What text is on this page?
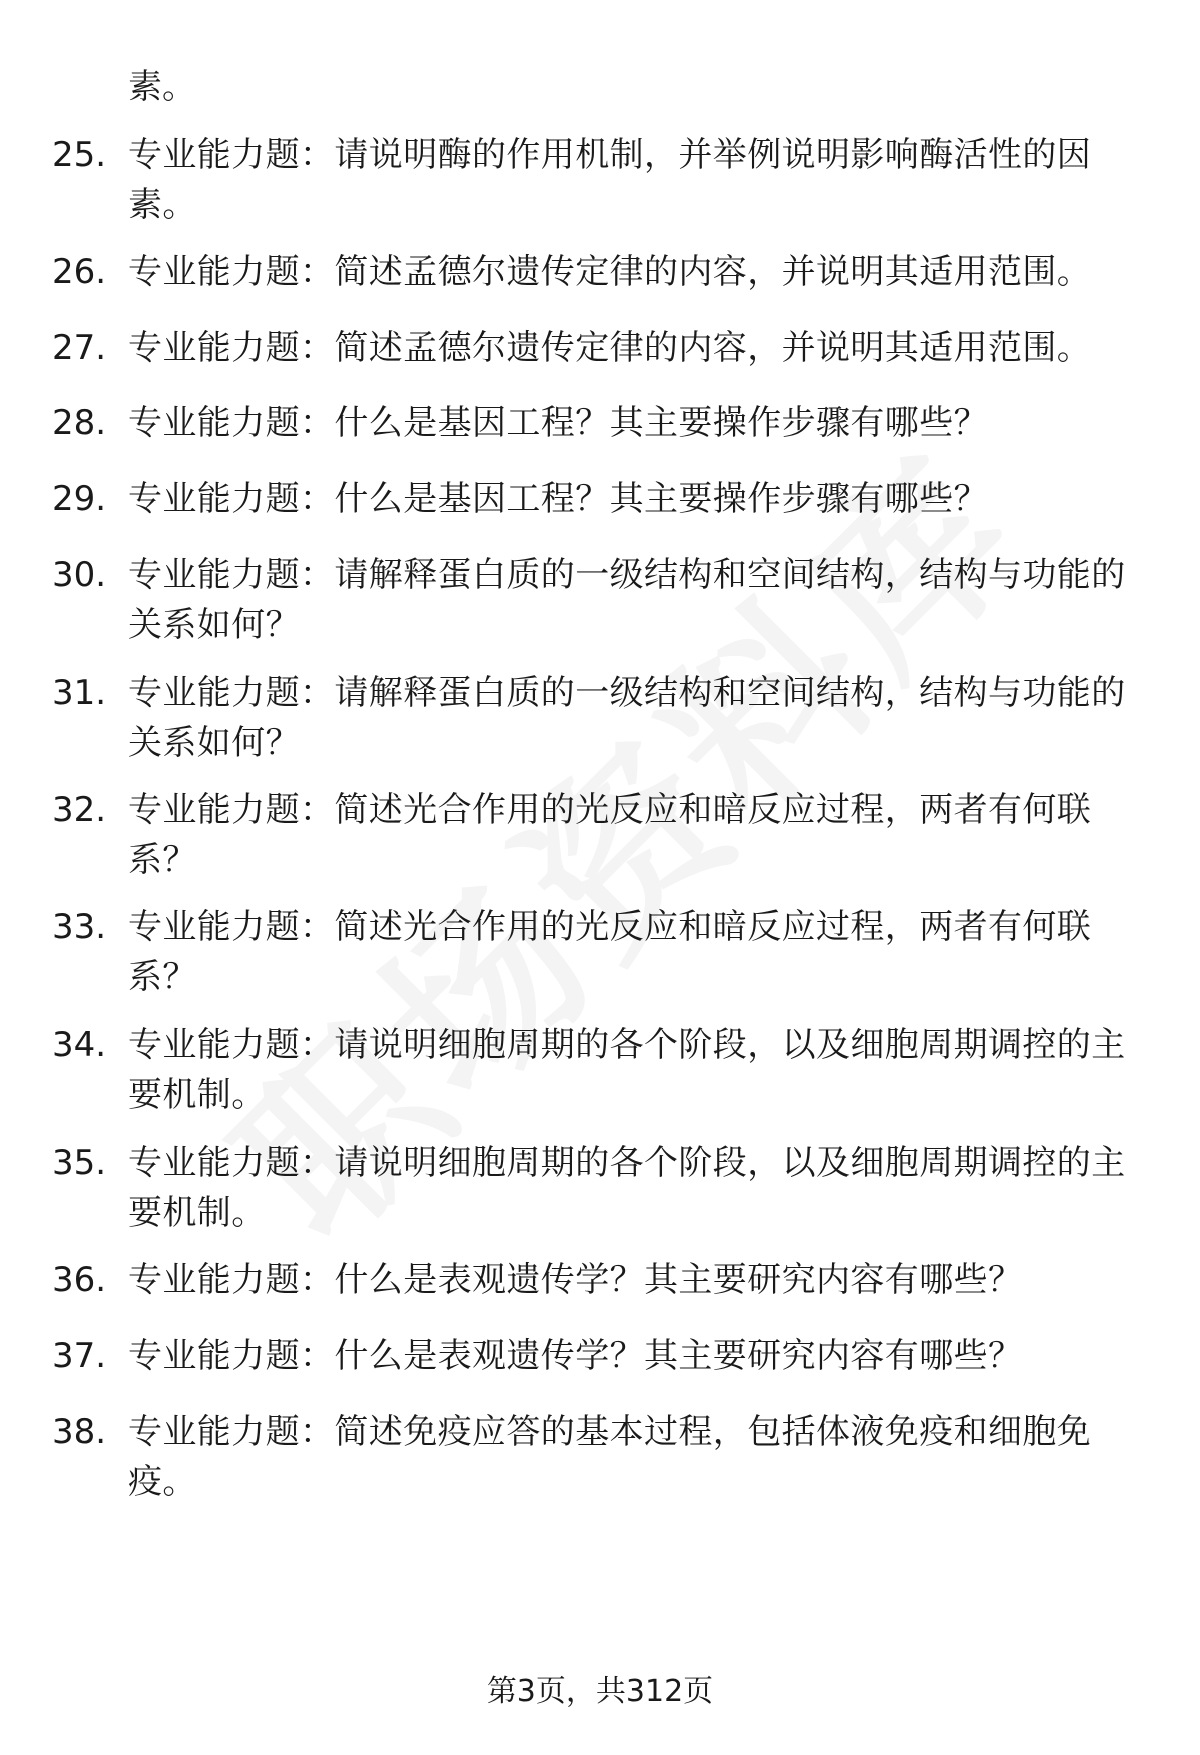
素。
25. 专业能力题：请说明酶的作用机制，并举例说明影响酶活性的因素。
26. 专业能力题：简述孟德尔遗传定律的内容，并说明其适用范围。
27. 专业能力题：简述孟德尔遗传定律的内容，并说明其适用范围。
28. 专业能力题：什么是基因工程？其主要操作步骤有哪些？
29. 专业能力题：什么是基因工程？其主要操作步骤有哪些？
30. 专业能力题：请解释蛋白质的一级结构和空间结构，结构与功能的关系如何？
31. 专业能力题：请解释蛋白质的一级结构和空间结构，结构与功能的关系如何？
32. 专业能力题：简述光合作用的光反应和暗反应过程，两者有何联系？
33. 专业能力题：简述光合作用的光反应和暗反应过程，两者有何联系？
34. 专业能力题：请说明细胞周期的各个阶段，以及细胞周期调控的主要机制。
35. 专业能力题：请说明细胞周期的各个阶段，以及细胞周期调控的主要机制。
36. 专业能力题：什么是表观遗传学？其主要研究内容有哪些？
37. 专业能力题：什么是表观遗传学？其主要研究内容有哪些？
38. 专业能力题：简述免疫应答的基本过程，包括体液免疫和细胞免疫。
第3页，共312页
